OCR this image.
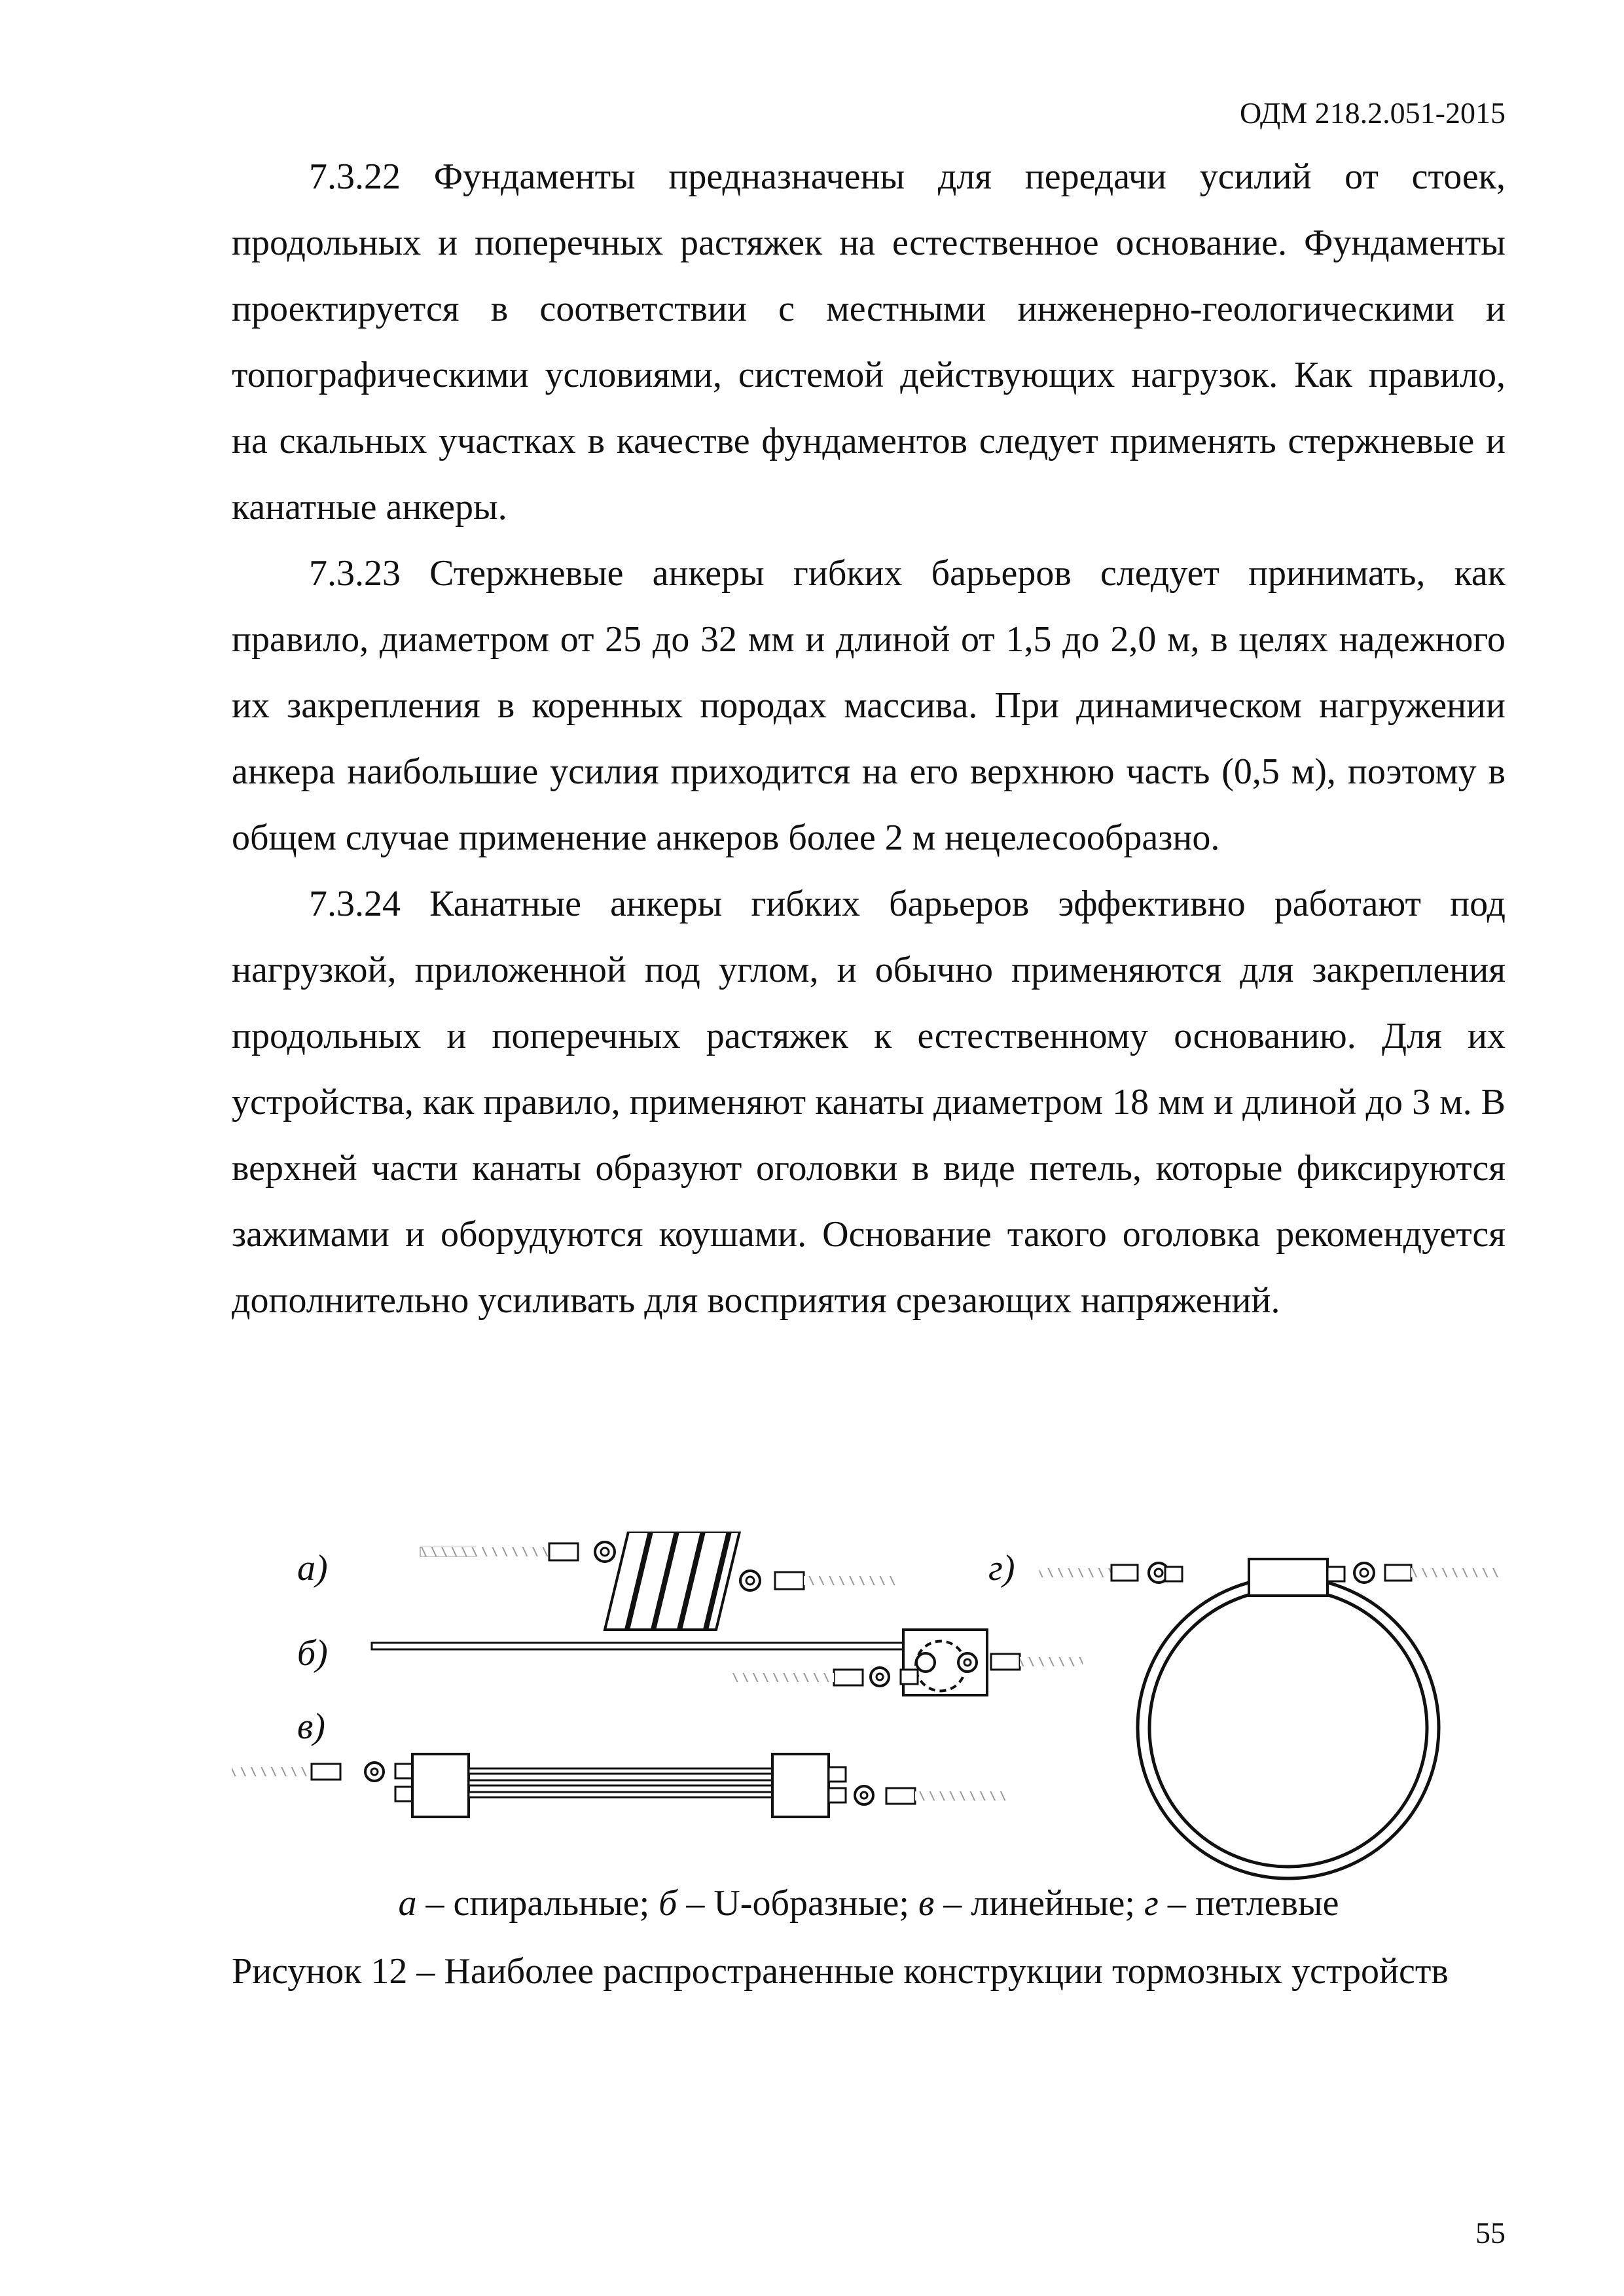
ОДМ 218.2.051-2015

7.3.22 Фундаменты предназначены для передачи усилий от стоек, продольных и поперечных растяжек на естественное основание. Фундаменты проектируется в соответствии с местными инженерно-геологическими и топографическими условиями, системой действующих нагрузок. Как правило, на скальных участках в качестве фундаментов следует применять стержневые и канатные анкеры.

7.3.23 Стержневые анкеры гибких барьеров следует принимать, как правило, диаметром от 25 до 32 мм и длиной от 1,5 до 2,0 м, в целях надежного их закрепления в коренных породах массива. При динамическом нагружении анкера наибольшие усилия приходится на его верхнюю часть (0,5 м), поэтому в общем случае применение анкеров более 2 м нецелесообразно.

7.3.24 Канатные анкеры гибких барьеров эффективно работают под нагрузкой, приложенной под углом, и обычно применяются для закрепления продольных и поперечных растяжек к естественному основанию. Для их устройства, как правило, применяют канаты диаметром 18 мм и длиной до 3 м. В верхней части канаты образуют оголовки в виде петель, которые фиксируются зажимами и оборудуются коушами. Основание такого оголовка рекомендуется дополнительно усиливать для восприятия срезающих напряжений.

а)
б)
в)
г)
а – спиральные; б – U-образные; в – линейные; г – петлевые
Рисунок 12 – Наиболее распространенные конструкции тормозных устройств
55
